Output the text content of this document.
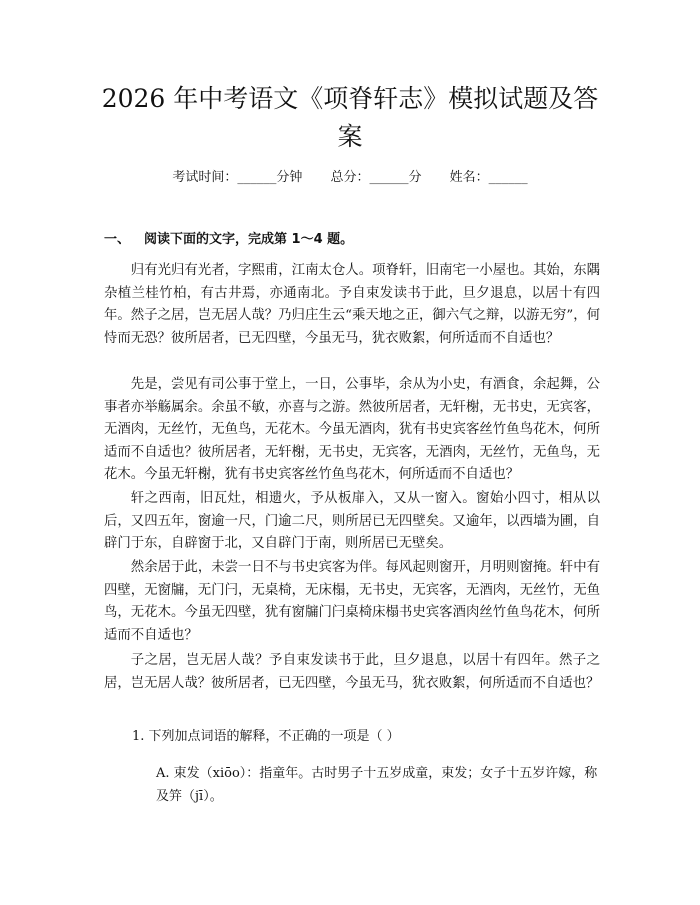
2026 年中考语文《项脊轩志》模拟试题及答
案
考试时间：______分钟 总分：______分 姓名：______
一、 阅读下面的文字，完成第 1～4 题。

归有光归有光者，字熙甫，江南太仓人。项脊轩，旧南宅一小屋也。其始，东隅杂植兰桂竹柏，有古井焉，亦通南北。予自束发读书于此，旦夕退息，以居十有四年。然子之居，岂无居人哉？乃归庄生云“乘天地之正，御六气之辩，以游无穷”，何恃而无恐？彼所居者，已无四壁，今虽无马，犹衣败絮，何所适而不自适也？

先是，尝见有司公事于堂上，一日，公事毕，余从为小史，有酒食，余起舞，公事者亦举觞属余。余虽不敏，亦喜与之游。然彼所居者，无轩榭，无书史，无宾客，无酒肉，无丝竹，无鱼鸟，无花木。今虽无酒肉，犹有书史宾客丝竹鱼鸟花木，何所适而不自适也？彼所居者，无轩榭，无书史，无宾客，无酒肉，无丝竹，无鱼鸟，无花木。今虽无轩榭，犹有书史宾客丝竹鱼鸟花木，何所适而不自适也？

轩之西南，旧瓦灶，相遗火，予从板扉入，又从一窗入。窗始小四寸，相从以后，又四五年，窗逾一尺，门逾二尺，则所居已无四壁矣。又逾年，以西墙为圃，自辟门于东，自辟窗于北，又自辟门于南，则所居已无壁矣。

然余居于此，未尝一日不与书史宾客为伴。每风起则窗开，月明则窗掩。轩中有四壁，无窗牖，无门闩，无桌椅，无床榻，无书史，无宾客，无酒肉，无丝竹，无鱼鸟，无花木。今虽无四壁，犹有窗牖门闩桌椅床榻书史宾客酒肉丝竹鱼鸟花木，何所适而不自适也？

子之居，岂无居人哉？予自束发读书于此，旦夕退息，以居十有四年。然子之居，岂无居人哉？彼所居者，已无四壁，今虽无马，犹衣败絮，何所适而不自适也？

1. 下列加点词语的解释，不正确的一项是（ ）

A. 束发（xiōo）：指童年。古时男子十五岁成童，束发；女子十五岁许嫁，称及笄（jī）。
